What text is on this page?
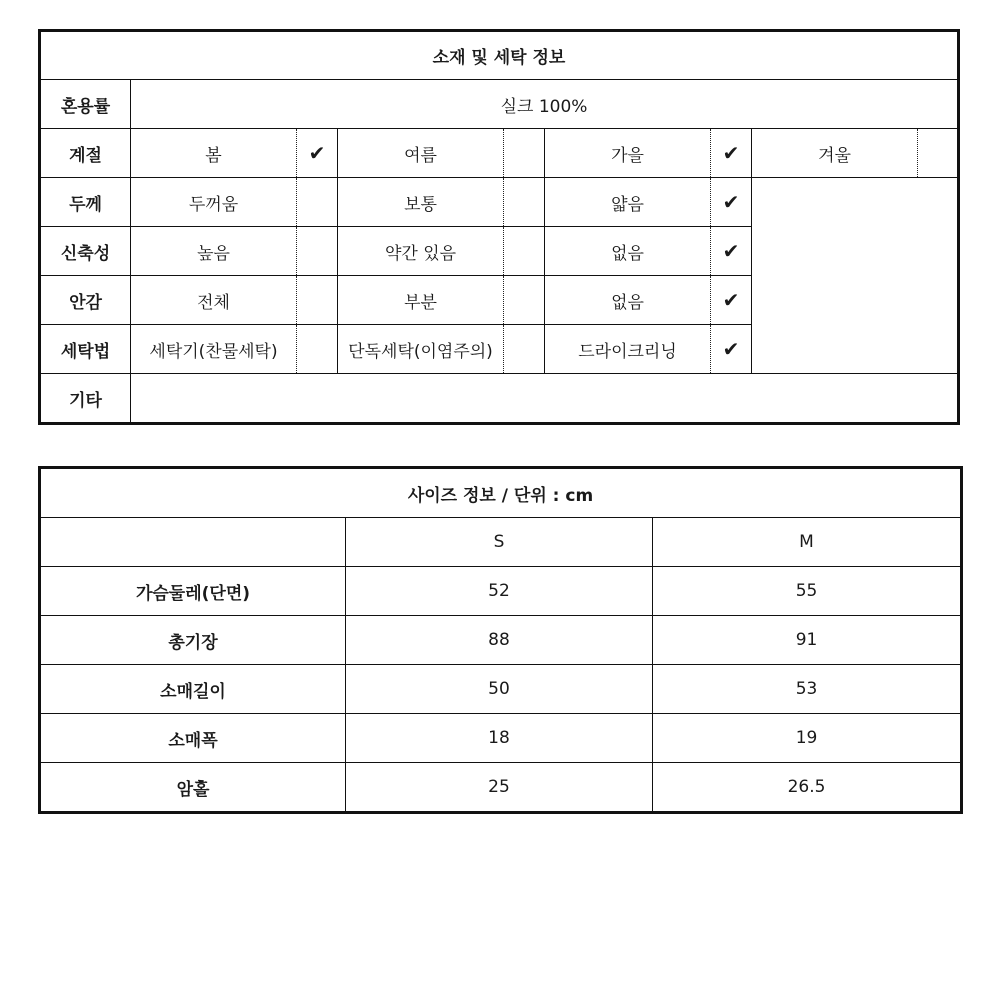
소재 및 세탁 정보								
혼용률	실크 100%							
계절	봄	✔	여름		가을	✔	겨울	
두께	두꺼움		보통		얇음	✔		
신축성	높음		약간 있음		없음	✔		
안감	전체		부분		없음	✔		
세탁법	세탁기(찬물세탁)		단독세탁(이염주의)		드라이크리닝	✔		
기타								
사이즈 정보 / 단위 : cm		
	S	M
가슴둘레(단면)	52	55
총기장	88	91
소매길이	50	53
소매폭	18	19
암홀	25	26.5
